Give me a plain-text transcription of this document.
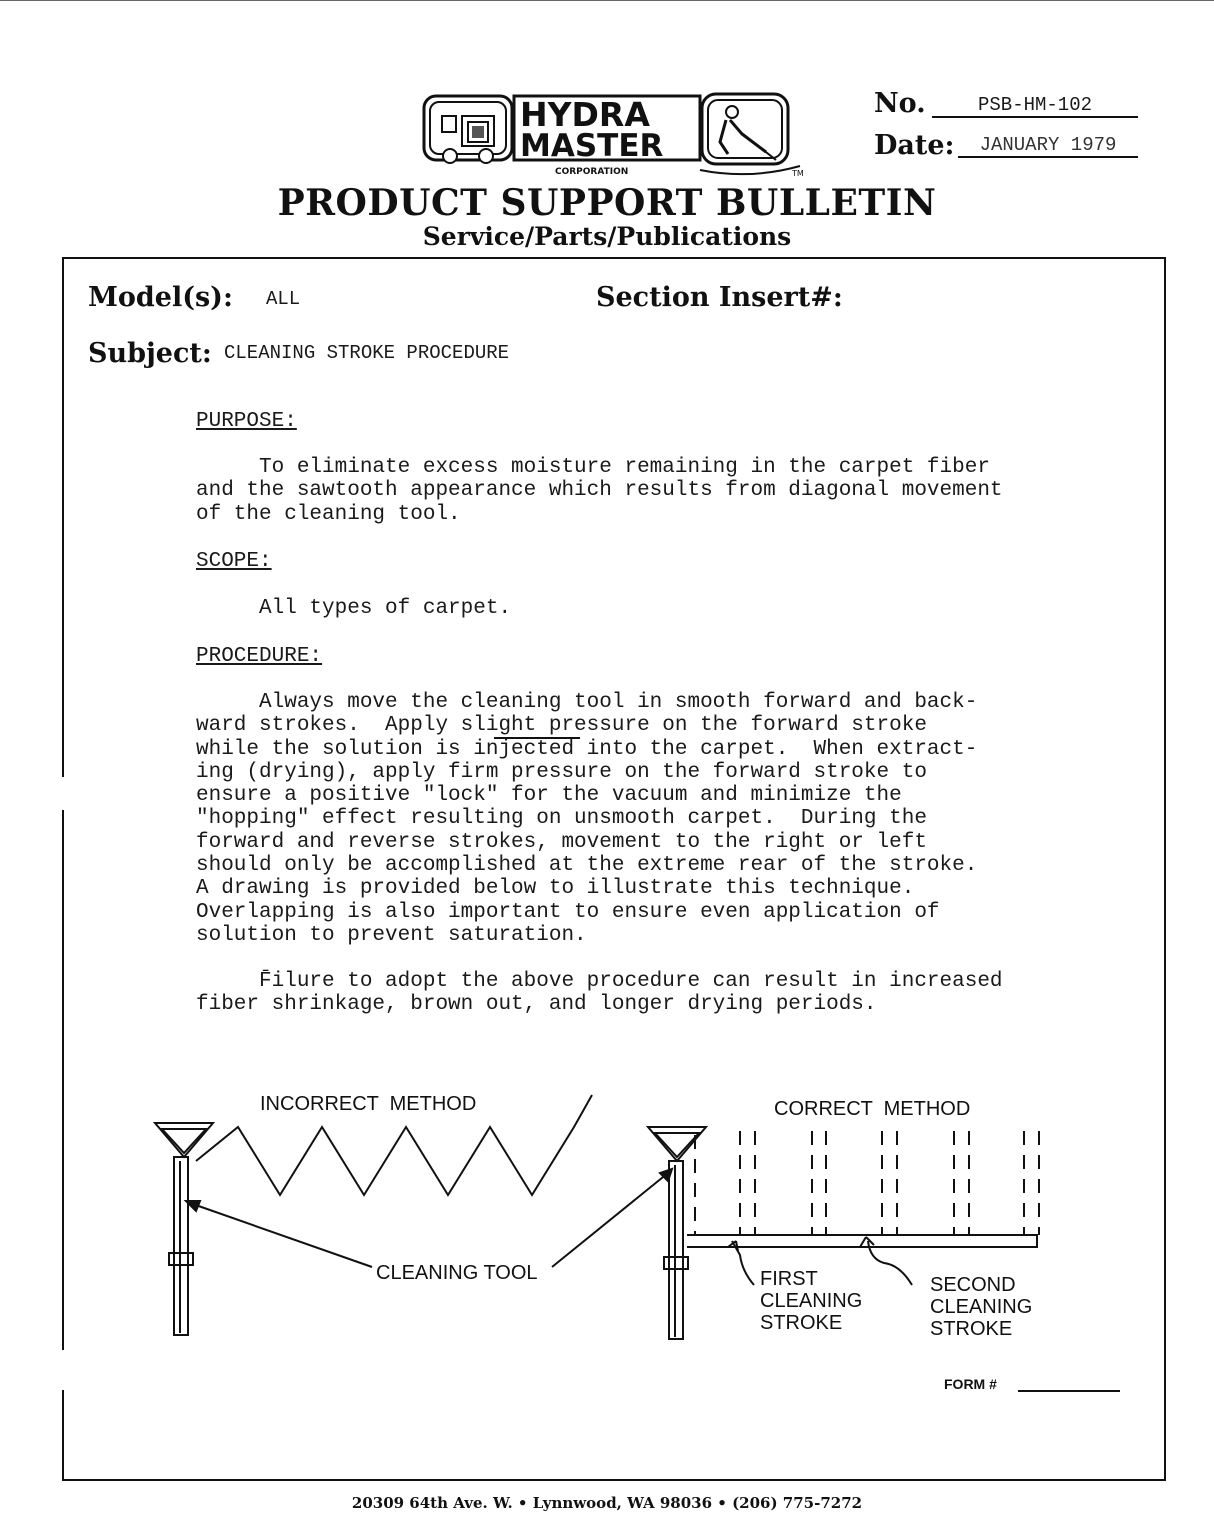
HYDRA
MASTER
CORPORATION	TM
No.	PSB-HM-102
Date:	JANUARY 1979
PRODUCT SUPPORT BULLETIN
Service/Parts/Publications
Model(s): ALL	Section Insert#:
Subject: CLEANING STROKE PROCEDURE
PURPOSE:

To eliminate excess moisture remaining in the carpet fiber

and the sawtooth appearance which results from diagonal movement

of the cleaning tool.

SCOPE:

All types of carpet.

PROCEDURE:

Always move the cleaning tool in smooth forward and back-

ward strokes.  Apply slight pressure on the forward stroke

while the solution is injected into the carpet.  When extract-

ing (drying), apply firm pressure on the forward stroke to

ensure a positive "lock" for the vacuum and minimize the

"hopping" effect resulting on unsmooth carpet.  During the

forward and reverse strokes, movement to the right or left

should only be accomplished at the extreme rear of the stroke.

A drawing is provided below to illustrate this technique.

Overlapping is also important to ensure even application of

solution to prevent saturation.

F̄ilure to adopt the above procedure can result in increased

fiber shrinkage, brown out, and longer drying periods.

INCORRECT  METHOD	CORRECT  METHOD
CLEANING TOOL	FIRST
CLEANING
STROKE
SECOND
CLEANING
STROKE
FORM #
20309 64th Ave. W. • Lynnwood, WA 98036 • (206) 775-7272
